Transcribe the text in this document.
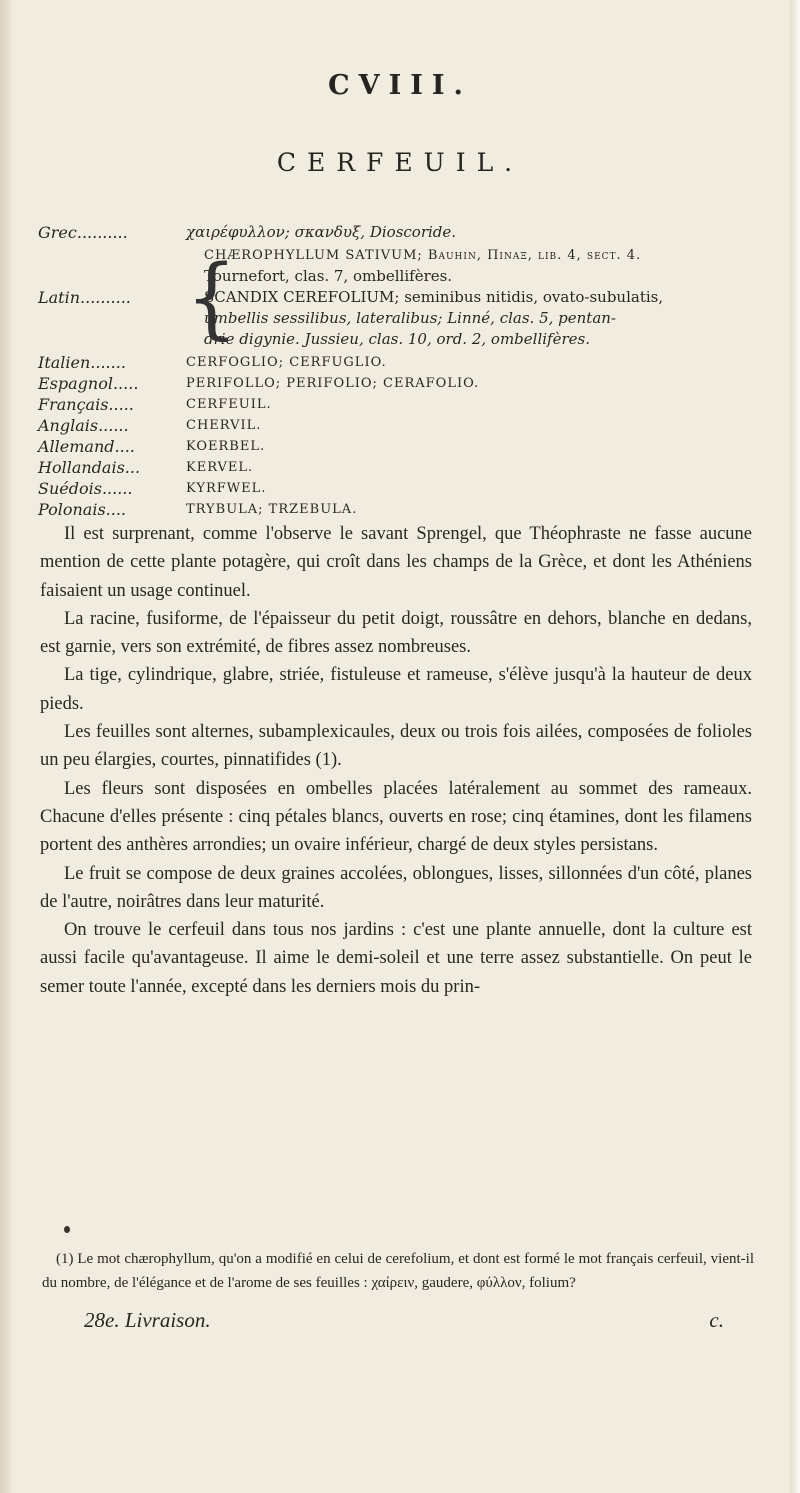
CVIII.
CERFEUIL.
Grec..........	χαιρέφυλλον; σκανδυξ, Dioscoride.
Latin.......... {
CHÆROPHYLLUM SATIVUM; Bauhin, Πιναξ, lib. 4, sect. 4.
Tournefort, clas. 7, ombellifères.
SCANDIX CEREFOLIUM; seminibus nitidis, ovato-subulatis,
umbellis sessilibus, lateralibus; Linné, clas. 5, pentan-
drie digynie. Jussieu, clas. 10, ord. 2, ombellifères.
Italien.......	CERFOGLIO; CERFUGLIO.
Espagnol.....	PERIFOLLO; PERIFOLIO; CERAFOLIO.
Français.....	CERFEUIL.
Anglais......	CHERVIL.
Allemand....	KOERBEL.
Hollandais...	KERVEL.
Suédois......	KYRFWEL.
Polonais....	TRYBULA; TRZEBULA.

Il est surprenant, comme l'observe le savant Sprengel, que Théophraste ne fasse aucune mention de cette plante potagère, qui croît dans les champs de la Grèce, et dont les Athéniens faisaient un usage continuel.

La racine, fusiforme, de l'épaisseur du petit doigt, roussâtre en dehors, blanche en dedans, est garnie, vers son extrémité, de fibres assez nombreuses.

La tige, cylindrique, glabre, striée, fistuleuse et rameuse, s'élève jusqu'à la hauteur de deux pieds.

Les feuilles sont alternes, subamplexicaules, deux ou trois fois ailées, composées de folioles un peu élargies, courtes, pinnatifides (1).

Les fleurs sont disposées en ombelles placées latéralement au sommet des rameaux. Chacune d'elles présente : cinq pétales blancs, ouverts en rose; cinq étamines, dont les filamens portent des anthères arrondies; un ovaire inférieur, chargé de deux styles persistans.

Le fruit se compose de deux graines accolées, oblongues, lisses, sillonnées d'un côté, planes de l'autre, noirâtres dans leur maturité.

On trouve le cerfeuil dans tous nos jardins : c'est une plante annuelle, dont la culture est aussi facile qu'avantageuse. Il aime le demi-soleil et une terre assez substantielle. On peut le semer toute l'année, excepté dans les derniers mois du prin-

(1) Le mot chærophyllum, qu'on a modifié en celui de cerefolium, et dont est formé le mot français cerfeuil, vient-il du nombre, de l'élégance et de l'arome de ses feuilles : χαίρειν, gaudere, φύλλον, folium?

28e. Livraison.	c.
